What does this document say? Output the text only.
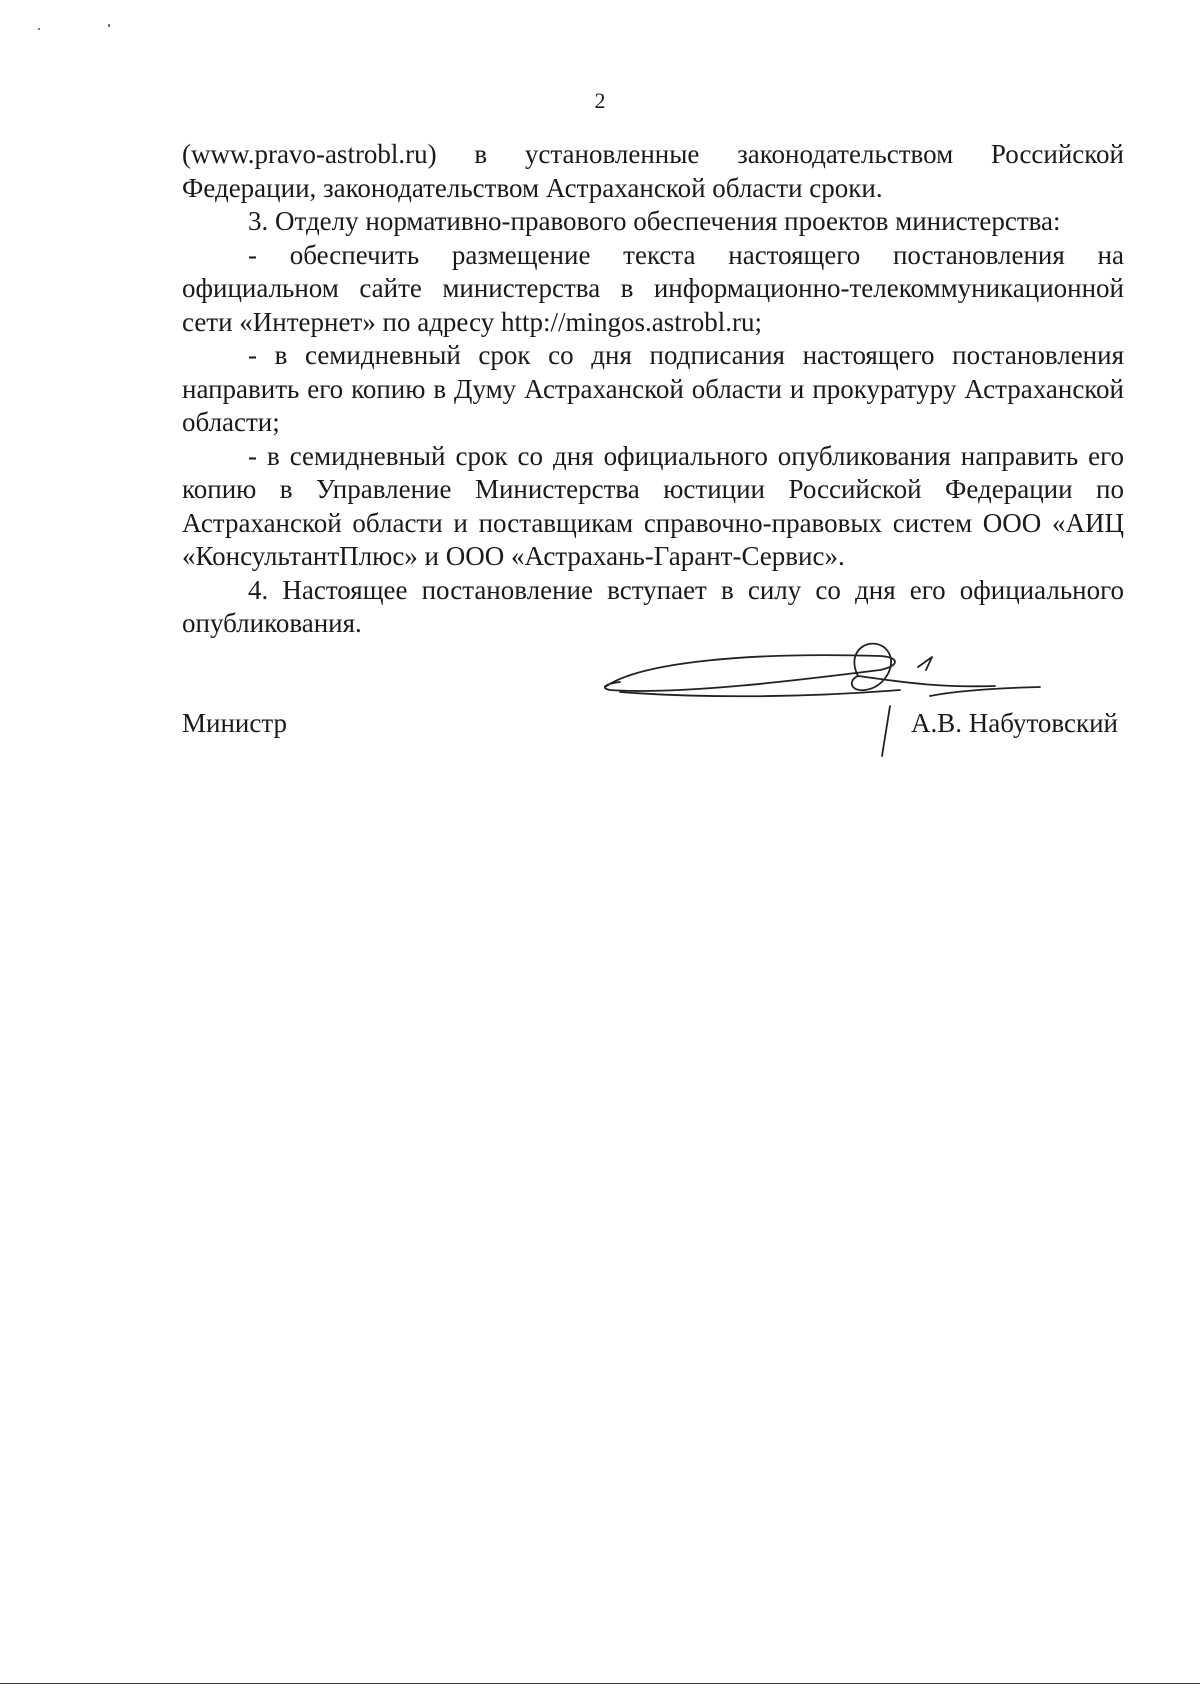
2

(www.pravo-astrobl.ru) в установленные законодательством Российской Федерации, законодательством Астраханской области сроки.

3. Отделу нормативно-правового обеспечения проектов министерства:

- обеспечить размещение текста настоящего постановления на официальном сайте министерства в информационно-телекоммуникационной сети «Интернет» по адресу http://mingos.astrobl.ru;

- в семидневный срок со дня подписания настоящего постановления направить его копию в Думу Астраханской области и прокуратуру Астраханской области;

- в семидневный срок со дня официального опубликования направить его копию в Управление Министерства юстиции Российской Федерации по Астраханской области и поставщикам справочно-правовых систем ООО «АИЦ «КонсультантПлюс» и ООО «Астрахань-Гарант-Сервис».

4. Настоящее постановление вступает в силу со дня его официального опубликования.

Министр	А.В. Набутовский
